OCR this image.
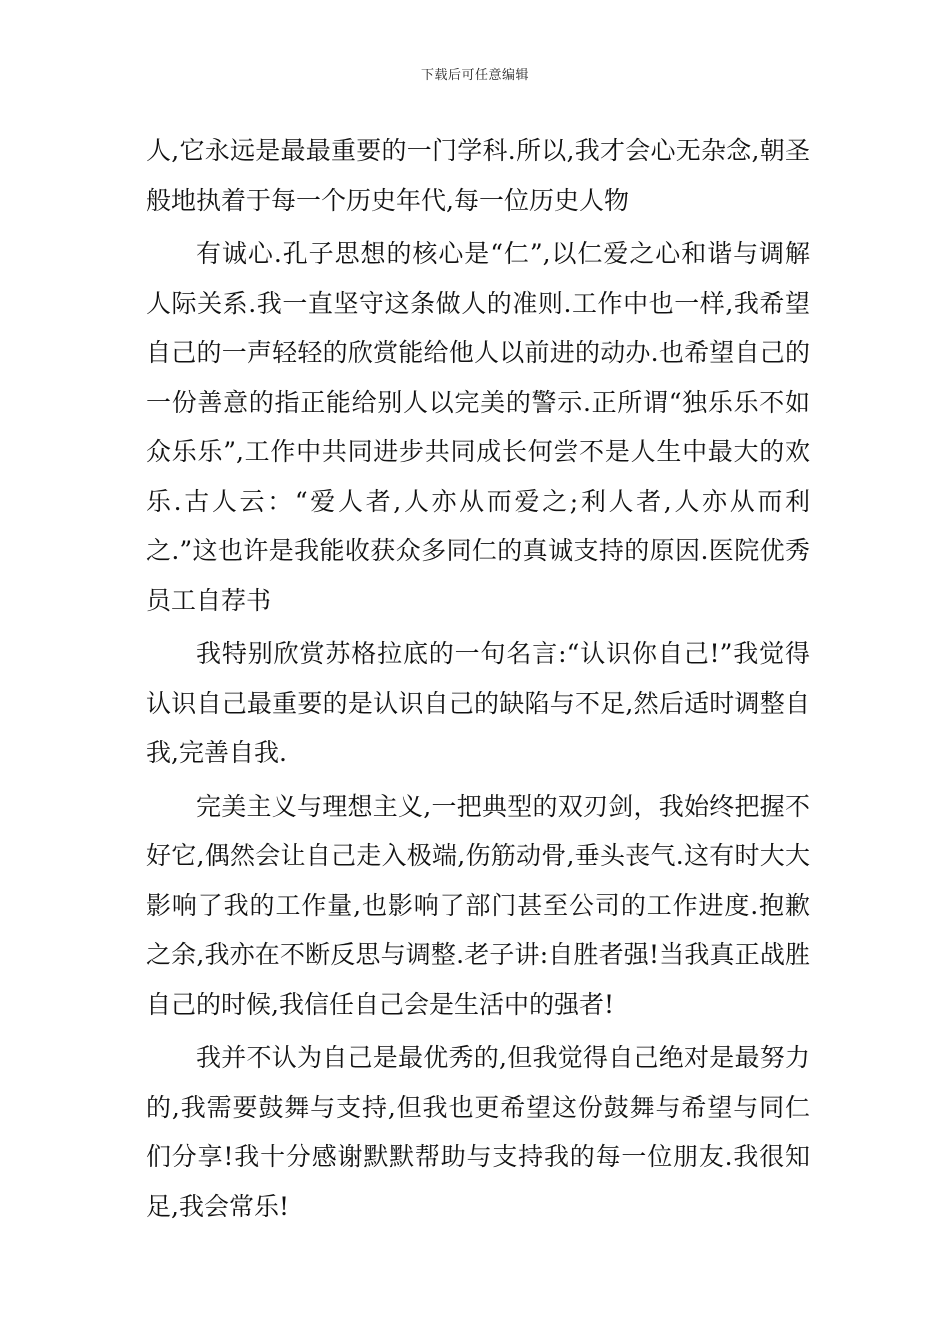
下载后可任意编辑

人,它永远是最最重要的一门学科.所以,我才会心无杂念,朝圣般地执着于每一个历史年代,每一位历史人物

有诚心.孔子思想的核心是“仁”,以仁爱之心和谐与调解人际关系.我一直坚守这条做人的准则.工作中也一样,我希望自己的一声轻轻的欣赏能给他人以前进的动办.也希望自己的一份善意的指正能给别人以完美的警示.正所谓“独乐乐不如众乐乐”,工作中共同进步共同成长何尝不是人生中最大的欢乐.古人云：“爱人者,人亦从而爱之;利人者,人亦从而利之.”这也许是我能收获众多同仁的真诚支持的原因.医院优秀员工自荐书

我特别欣赏苏格拉底的一句名言:“认识你自己!”我觉得认识自己最重要的是认识自己的缺陷与不足,然后适时调整自我,完善自我.

完美主义与理想主义,一把典型的双刃剑，我始终把握不好它,偶然会让自己走入极端,伤筋动骨,垂头丧气.这有时大大影响了我的工作量,也影响了部门甚至公司的工作进度.抱歉之余,我亦在不断反思与调整.老子讲:自胜者强!当我真正战胜自己的时候,我信任自己会是生活中的强者!

我并不认为自己是最优秀的,但我觉得自己绝对是最努力的,我需要鼓舞与支持,但我也更希望这份鼓舞与希望与同仁们分享!我十分感谢默默帮助与支持我的每一位朋友.我很知足,我会常乐!
